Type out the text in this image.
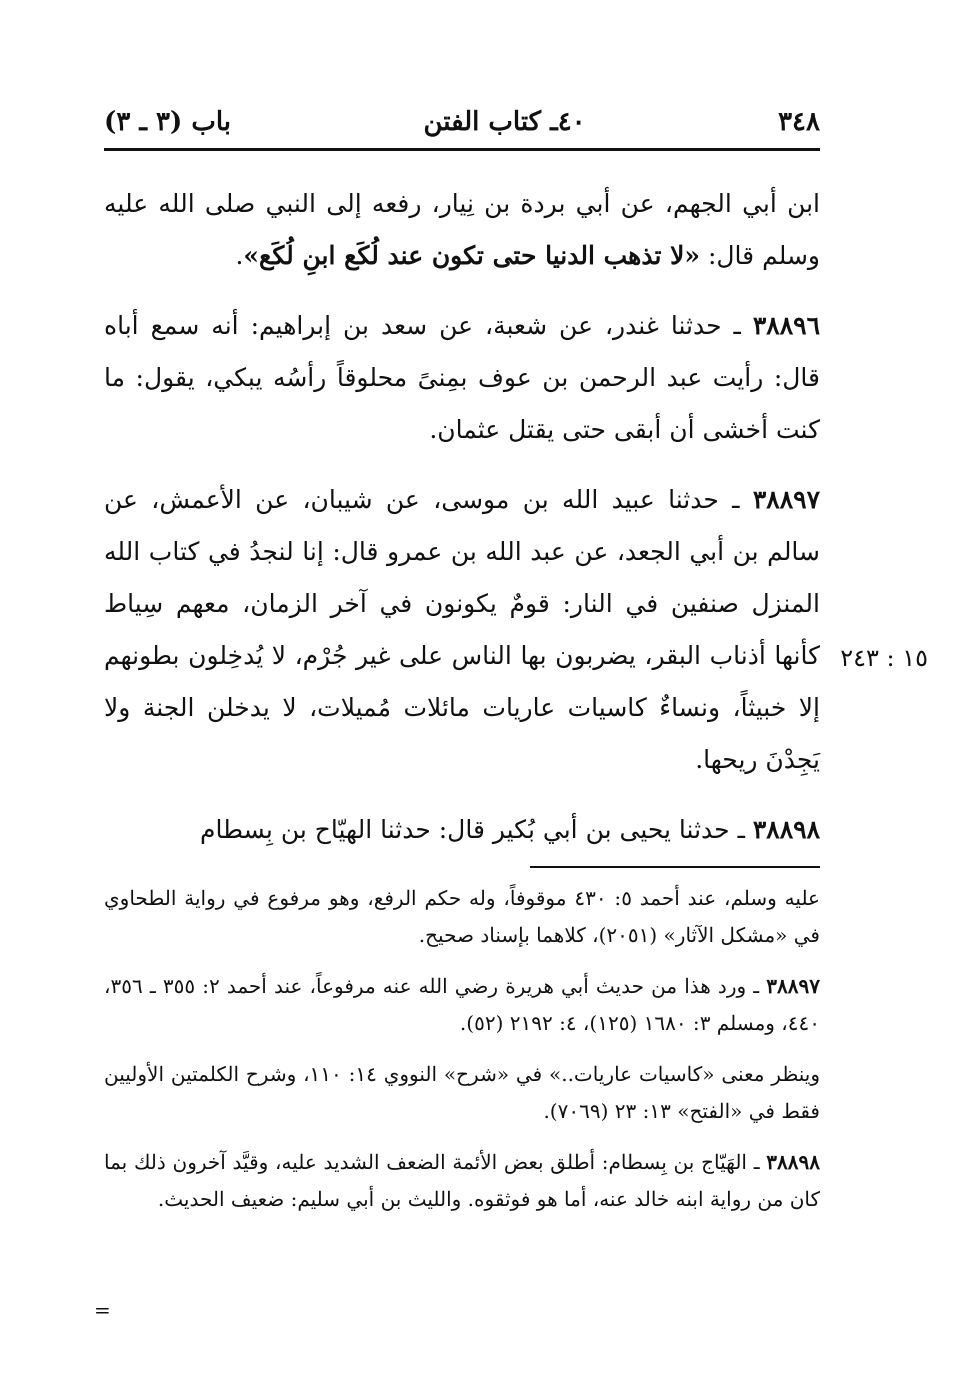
٣٤٨
٤٠ـ كتاب الفتن
باب (٣ ـ ٣)

ابن أبي الجهم، عن أبي بردة بن نِيار، رفعه إلى النبي صلى الله عليه وسلم قال: «لا تذهب الدنيا حتى تكون عند لُكَع ابنِ لُكَع».

٣٨٨٩٦ ـ حدثنا غندر، عن شعبة، عن سعد بن إبراهيم: أنه سمع أباه قال: رأيت عبد الرحمن بن عوف بمِنىً محلوقاً رأسُه يبكي، يقول: ما كنت أخشى أن أبقى حتى يقتل عثمان.

٣٨٨٩٧ ـ حدثنا عبيد الله بن موسى، عن شيبان، عن الأعمش، عن سالم بن أبي الجعد، عن عبد الله بن عمرو قال: إنا لنجدُ في كتاب الله المنزل صنفين في النار: قومٌ يكونون في آخر الزمان، معهم سِياط كأنها أذناب البقر، يضربون بها الناس على غير جُرْم، لا يُدخِلون بطونهم إلا خبيثاً، ونساءٌ كاسيات عاريات مائلات مُميلات، لا يدخلن الجنة ولا يَجِدْنَ ريحها.

٣٨٨٩٨ ـ حدثنا يحيى بن أبي بُكير قال: حدثنا الهيّاح بن بِسطام

١٥ : ٢٤٣

عليه وسلم، عند أحمد ٥: ٤٣٠ موقوفاً، وله حكم الرفع، وهو مرفوع في رواية الطحاوي في «مشكل الآثار» (٢٠٥١)، كلاهما بإسناد صحيح.

٣٨٨٩٧ ـ ورد هذا من حديث أبي هريرة رضي الله عنه مرفوعاً، عند أحمد ٢: ٣٥٥ ـ ٣٥٦، ٤٤٠، ومسلم ٣: ١٦٨٠ (١٢٥)، ٤: ٢١٩٢ (٥٢).

وينظر معنى «كاسيات عاريات..» في «شرح» النووي ١٤: ١١٠، وشرح الكلمتين الأوليين فقط في «الفتح» ١٣: ٢٣ (٧٠٦٩).

٣٨٨٩٨ ـ الهَيّاج بن بِسطام: أطلق بعض الأئمة الضعف الشديد عليه، وقيَّد آخرون ذلك بما كان من رواية ابنه خالد عنه، أما هو فوثقوه. والليث بن أبي سليم: ضعيف الحديث.

=
